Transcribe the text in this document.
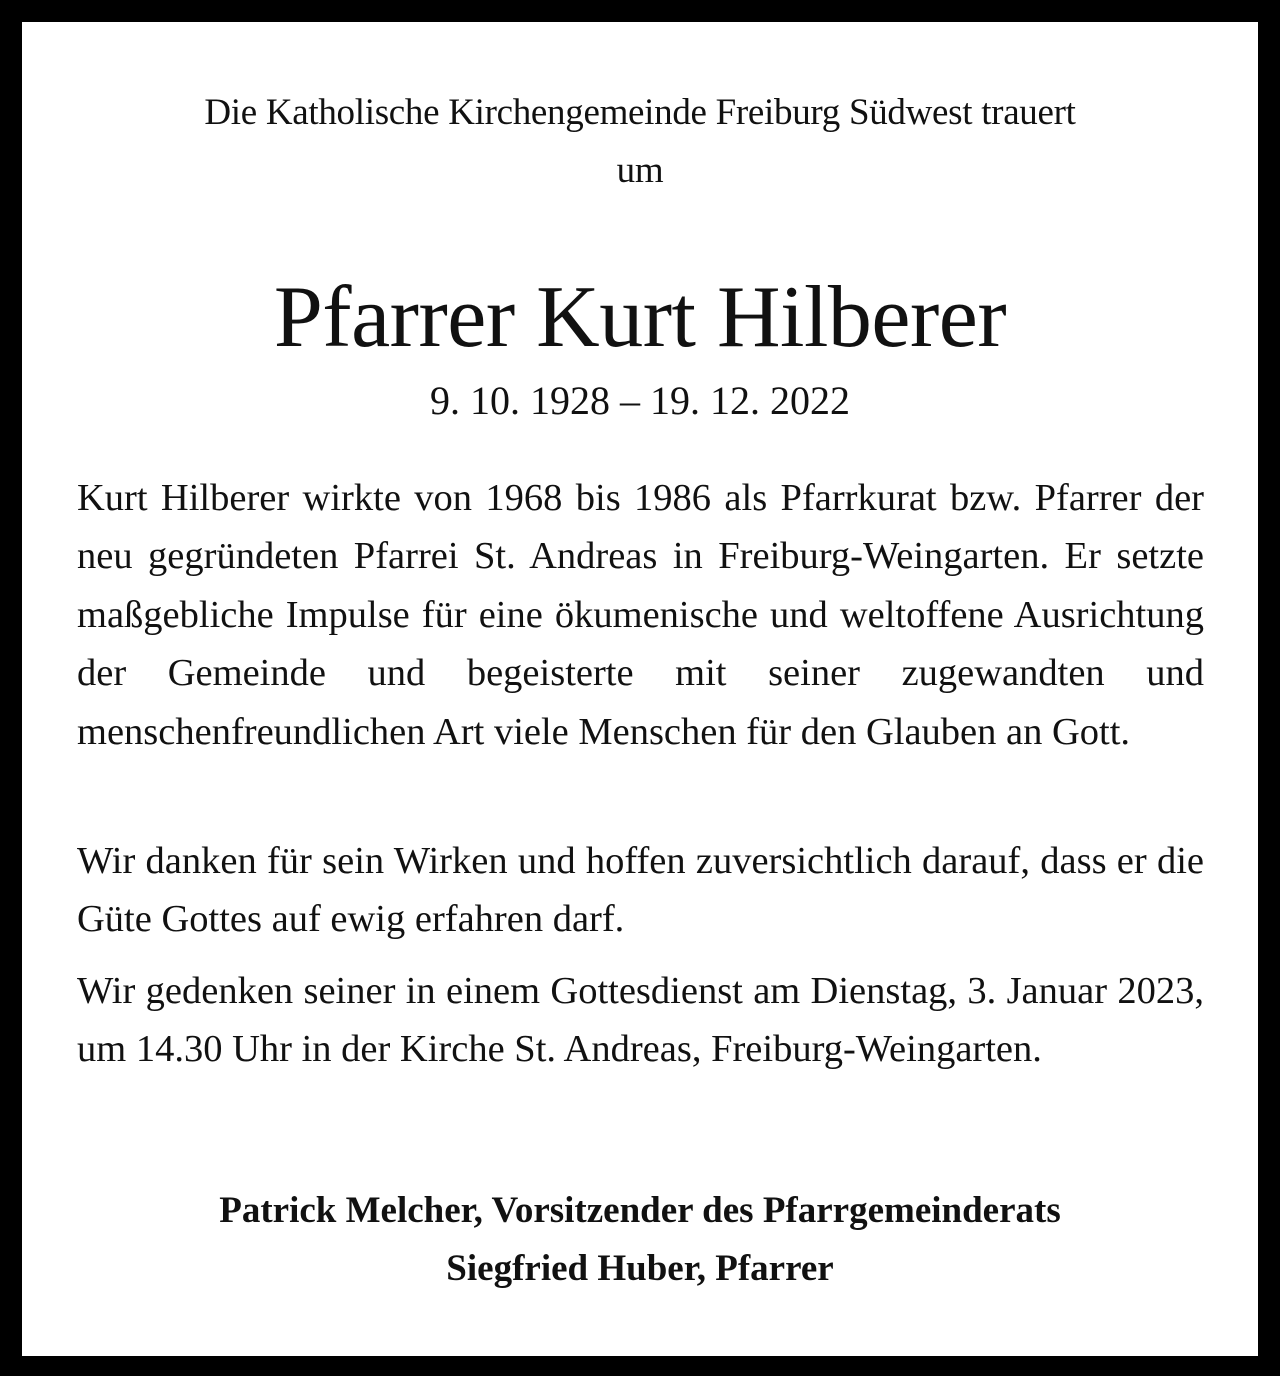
Die Katholische Kirchengemeinde Freiburg Südwest trauert
um
Pfarrer Kurt Hilberer
9. 10. 1928 – 19. 12. 2022
Kurt Hilberer wirkte von 1968 bis 1986 als Pfarrkurat bzw. Pfarrer der neu gegründeten Pfarrei St. Andreas in Freiburg-Weingarten. Er setzte maßgebliche Impulse für eine ökumenische und weltoffene Ausrichtung der Gemeinde und begeisterte mit seiner zugewandten und menschenfreundlichen Art viele Menschen für den Glauben an Gott.
Wir danken für sein Wirken und hoffen zuversichtlich darauf, dass er die Güte Gottes auf ewig erfahren darf.
Wir gedenken seiner in einem Gottesdienst am Dienstag, 3. Januar 2023, um 14.30 Uhr in der Kirche St. Andreas, Freiburg-Weingarten.
Patrick Melcher, Vorsitzender des Pfarrgemeinderats
Siegfried Huber, Pfarrer
